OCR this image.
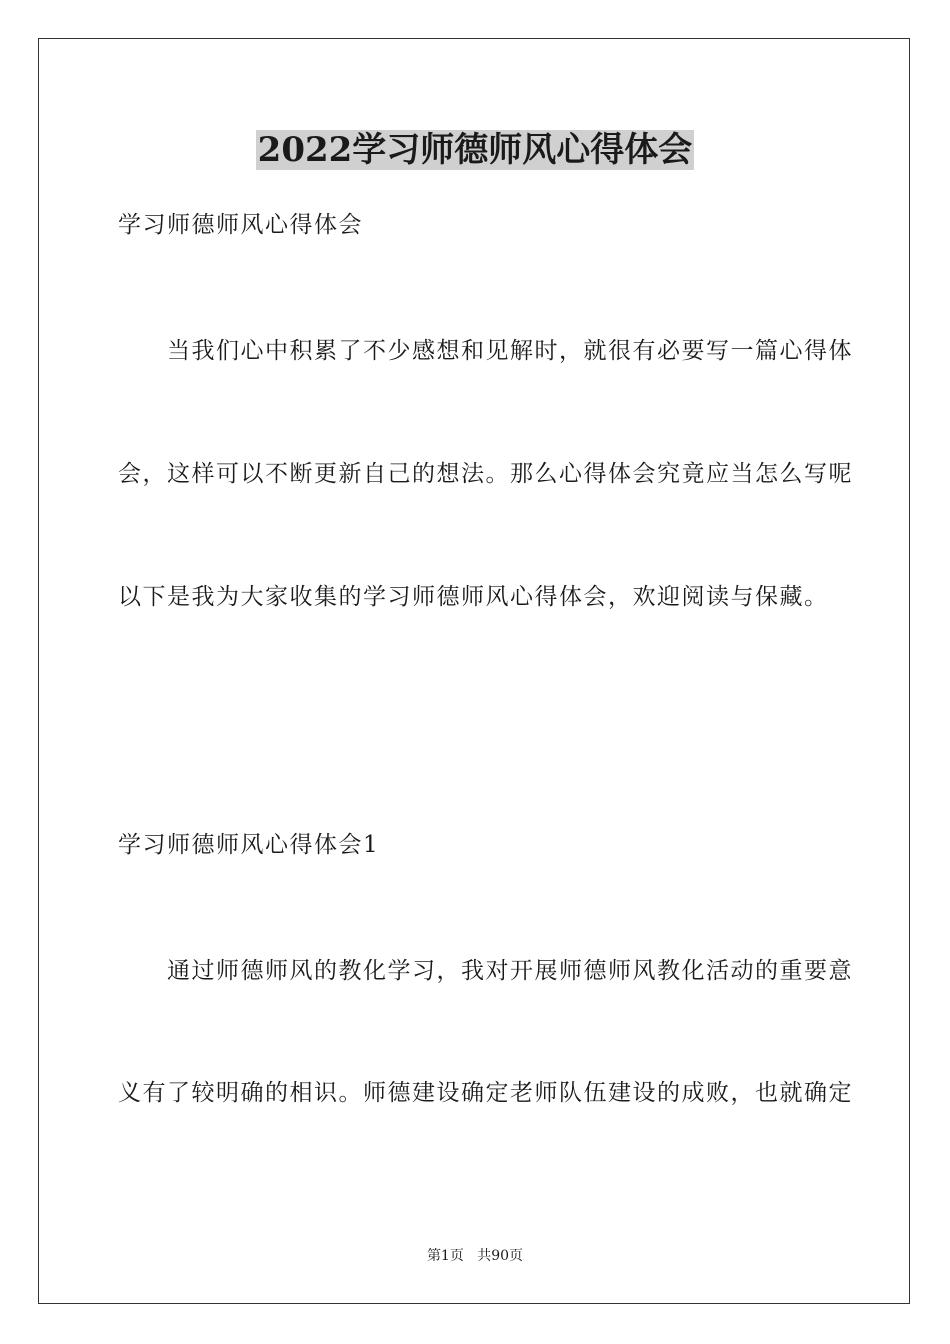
2022学习师德师风心得体会
学习师德师风心得体会
　　当我们心中积累了不少感想和见解时，就很有必要写一篇心得体
会，这样可以不断更新自己的想法。那么心得体会究竟应当怎么写呢
以下是我为大家收集的学习师德师风心得体会，欢迎阅读与保藏。
学习师德师风心得体会1
　　通过师德师风的教化学习，我对开展师德师风教化活动的重要意
义有了较明确的相识。师德建设确定老师队伍建设的成败，也就确定
第1页 共90页
